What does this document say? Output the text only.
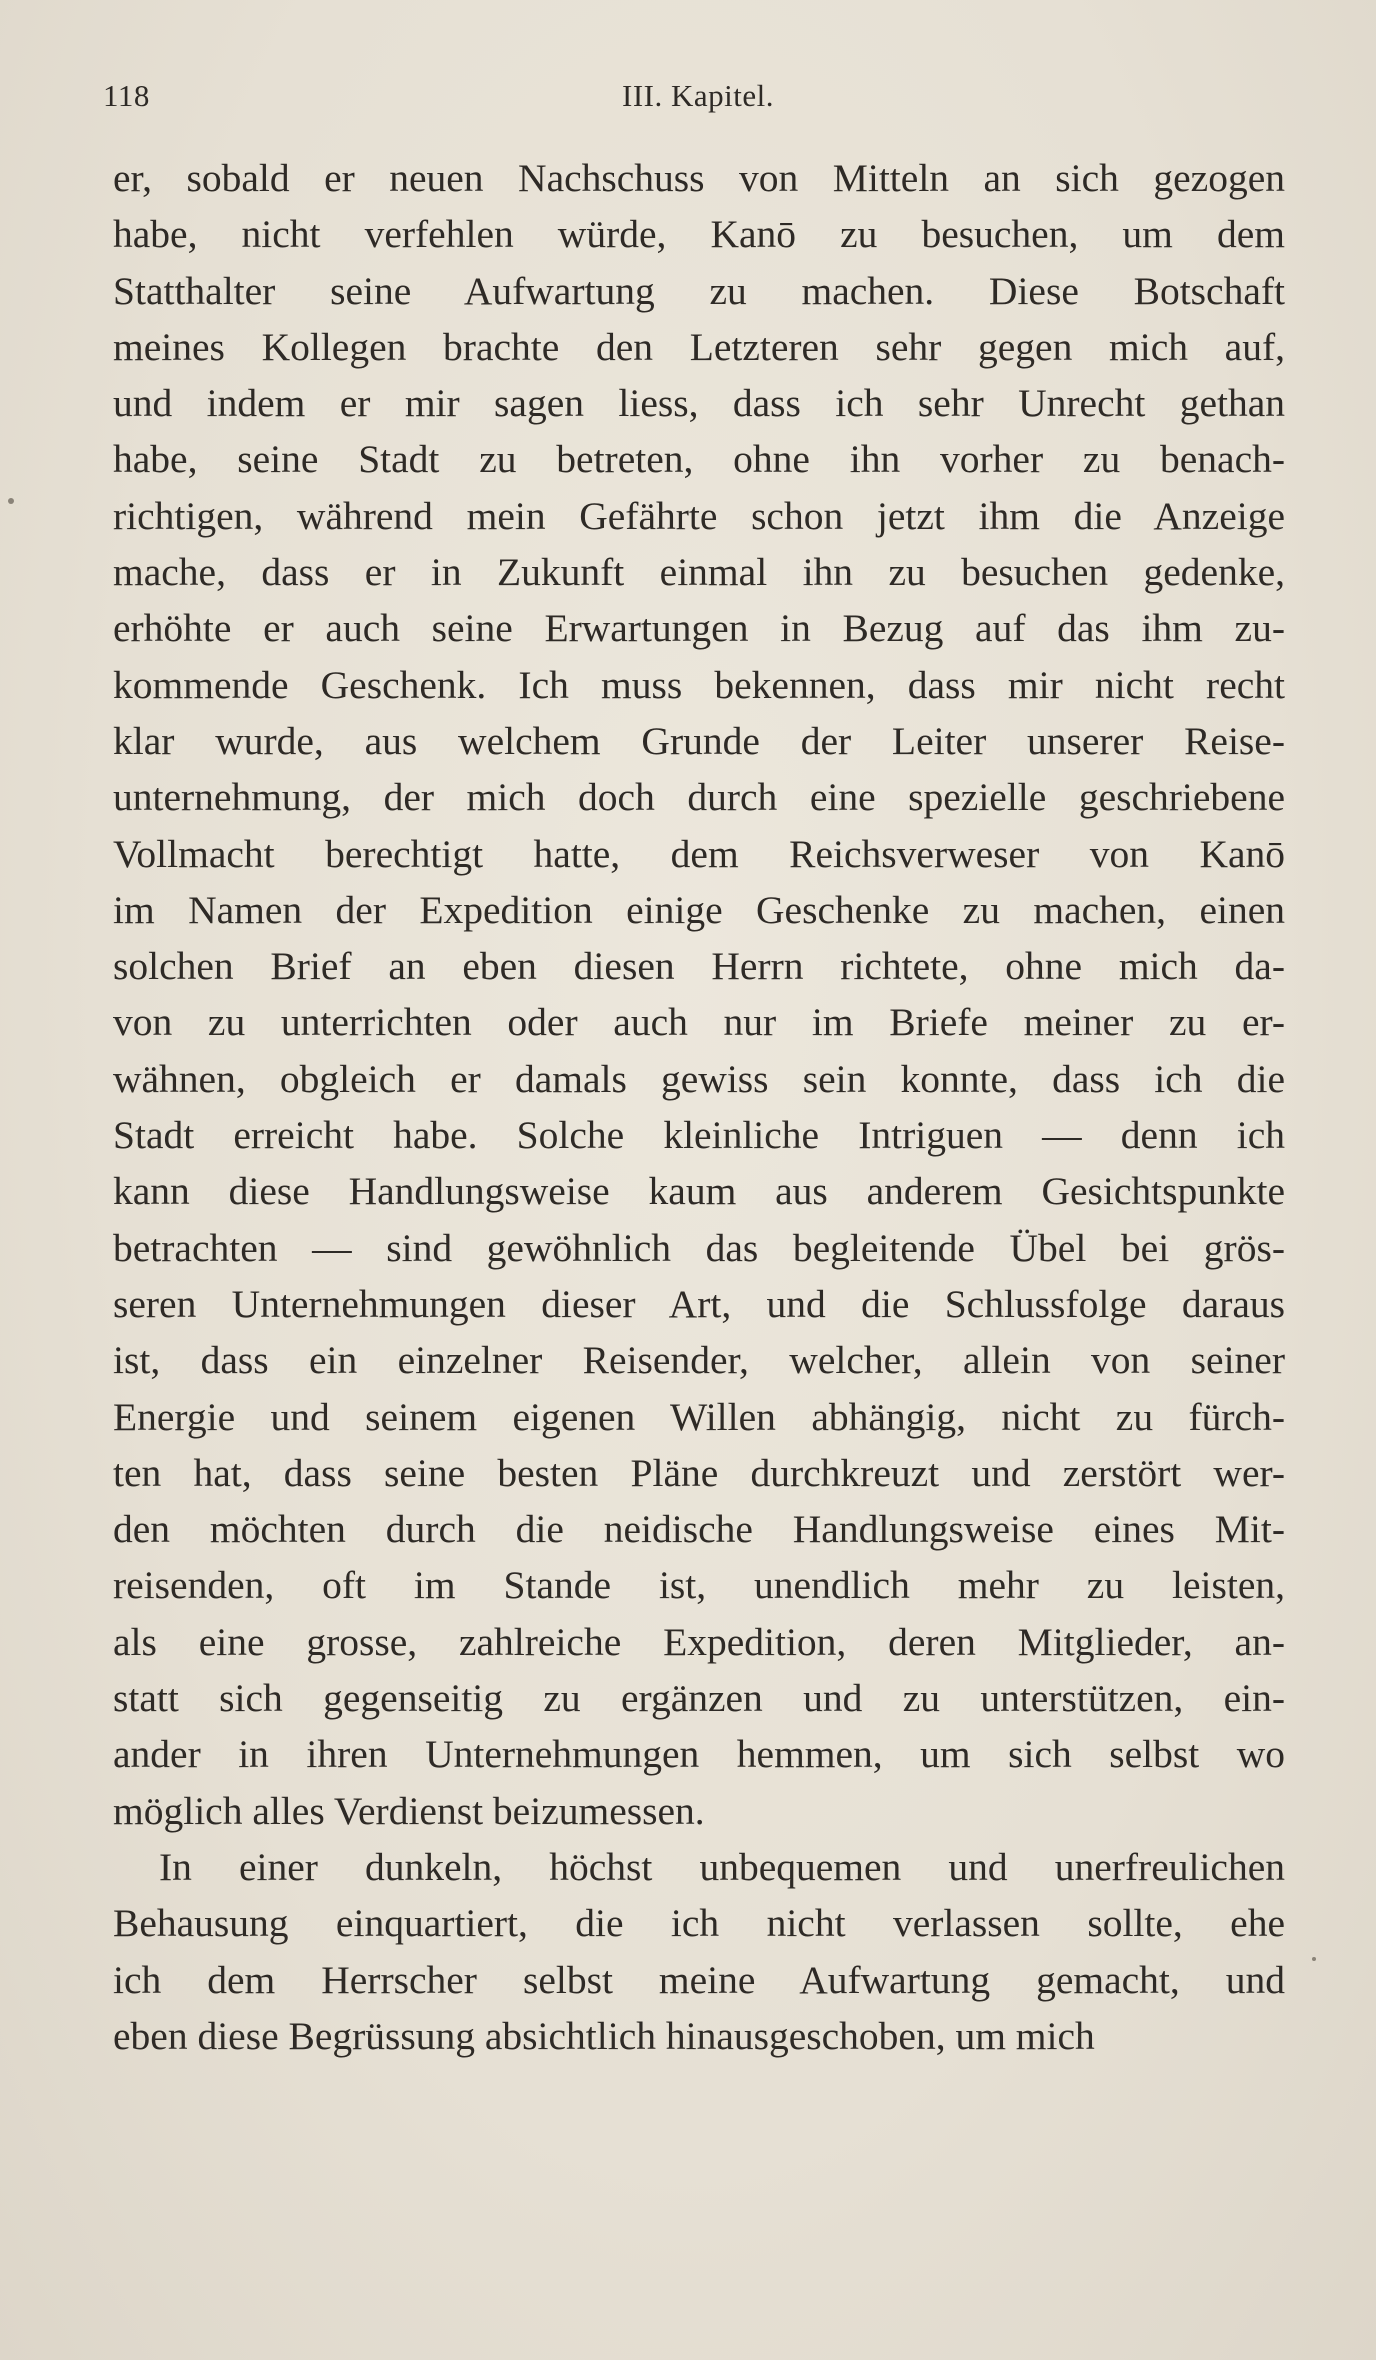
118	III. Kapitel.
er, sobald er neuen Nachschuss von Mitteln an sich gezogen
habe, nicht verfehlen würde, Kanō zu besuchen, um dem
Statthalter seine Aufwartung zu machen. Diese Botschaft
meines Kollegen brachte den Letzteren sehr gegen mich auf,
und indem er mir sagen liess, dass ich sehr Unrecht gethan
habe, seine Stadt zu betreten, ohne ihn vorher zu benach-
richtigen, während mein Gefährte schon jetzt ihm die Anzeige
mache, dass er in Zukunft einmal ihn zu besuchen gedenke,
erhöhte er auch seine Erwartungen in Bezug auf das ihm zu-
kommende Geschenk. Ich muss bekennen, dass mir nicht recht
klar wurde, aus welchem Grunde der Leiter unserer Reise-
unternehmung, der mich doch durch eine spezielle geschriebene
Vollmacht berechtigt hatte, dem Reichsverweser von Kanō
im Namen der Expedition einige Geschenke zu machen, einen
solchen Brief an eben diesen Herrn richtete, ohne mich da-
von zu unterrichten oder auch nur im Briefe meiner zu er-
wähnen, obgleich er damals gewiss sein konnte, dass ich die
Stadt erreicht habe. Solche kleinliche Intriguen — denn ich
kann diese Handlungsweise kaum aus anderem Gesichtspunkte
betrachten — sind gewöhnlich das begleitende Übel bei grös-
seren Unternehmungen dieser Art, und die Schlussfolge daraus
ist, dass ein einzelner Reisender, welcher, allein von seiner
Energie und seinem eigenen Willen abhängig, nicht zu fürch-
ten hat, dass seine besten Pläne durchkreuzt und zerstört wer-
den möchten durch die neidische Handlungsweise eines Mit-
reisenden, oft im Stande ist, unendlich mehr zu leisten,
als eine grosse, zahlreiche Expedition, deren Mitglieder, an-
statt sich gegenseitig zu ergänzen und zu unterstützen, ein-
ander in ihren Unternehmungen hemmen, um sich selbst wo
möglich alles Verdienst beizumessen.
In einer dunkeln, höchst unbequemen und unerfreulichen
Behausung einquartiert, die ich nicht verlassen sollte, ehe
ich dem Herrscher selbst meine Aufwartung gemacht, und
eben diese Begrüssung absichtlich hinausgeschoben, um mich
